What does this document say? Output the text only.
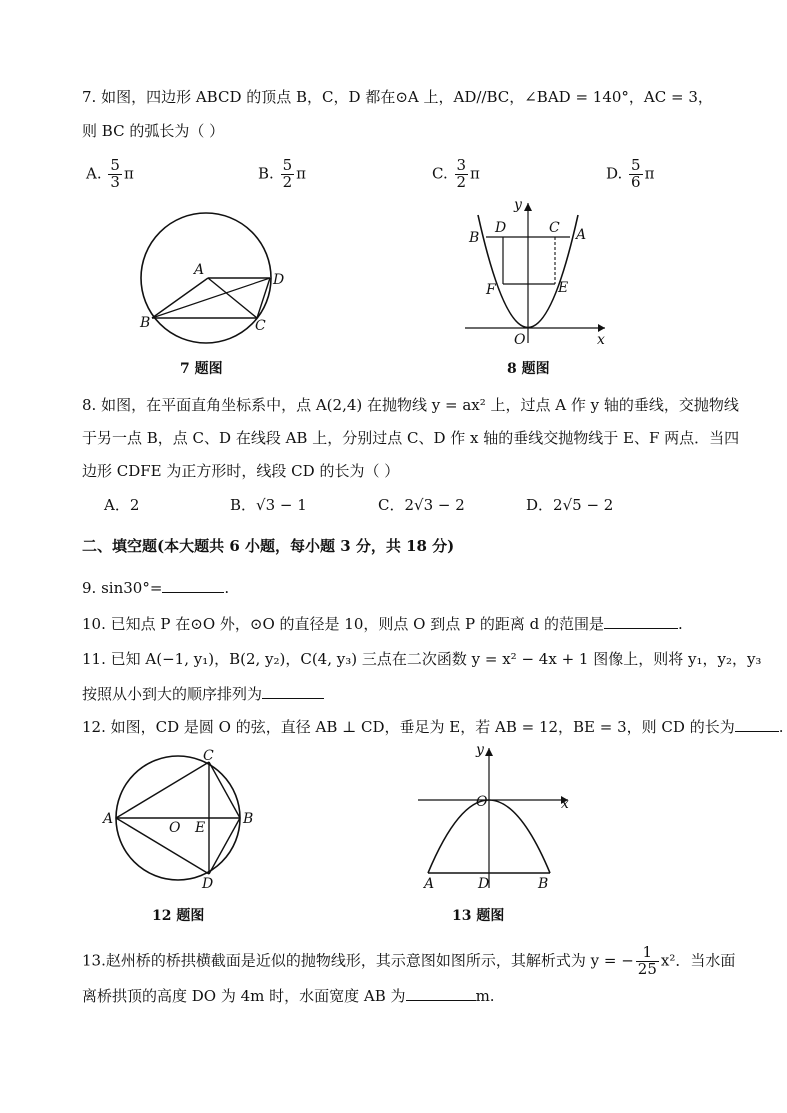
7. 如图，四边形 ABCD 的顶点 B，C，D 都在⊙A 上，AD//BC，∠BAD = 140°，AC = 3，
则 BC 的弧长为（ ）
A. $\frac{5}{3}$ π	B. $\frac{5}{2}$ π	C. $\frac{3}{2}$ π	D. $\frac{5}{6}$ π
A
D
B	C
7 题图
y
x
O
B
D	C A
F	E
8 题图
8. 如图，在平面直角坐标系中，点 A(2,4) 在抛物线 y = ax² 上，过点 A 作 y 轴的垂线，交抛物线
于另一点 B，点 C、D 在线段 AB 上，分别过点 C、D 作 x 轴的垂线交抛物线于 E、F 两点．当四
边形 CDFE 为正方形时，线段 CD 的长为（ ）
A．2	B．√3 − 1	C．2√3 − 2	D．2√5 − 2
二、填空题(本大题共 6 小题，每小题 3 分，共 18 分)
9. sin30°=	.
10. 已知点 P 在⊙O 外，⊙O 的直径是 10，则点 O 到点 P 的距离 d 的范围是	.
11. 已知 A(−1, y₁)，B(2, y₂)，C(4, y₃) 三点在二次函数 y = x² − 4x + 1 图像上，则将 y₁，y₂，y₃
按照从小到大的顺序排列为
12. 如图，CD 是圆 O 的弦，直径 AB ⊥ CD，垂足为 E，若 AB = 12，BE = 3，则 CD 的长为	.
C
A
O E
B
D
12 题图
y
x
O
A	D	B
13 题图
13.赵州桥的桥拱横截面是近似的抛物线形，其示意图如图所示，其解析式为 y = − $\frac{1}{25} x^2$．当水面
离桥拱顶的高度 DO 为 4m 时，水面宽度 AB 为	m.
